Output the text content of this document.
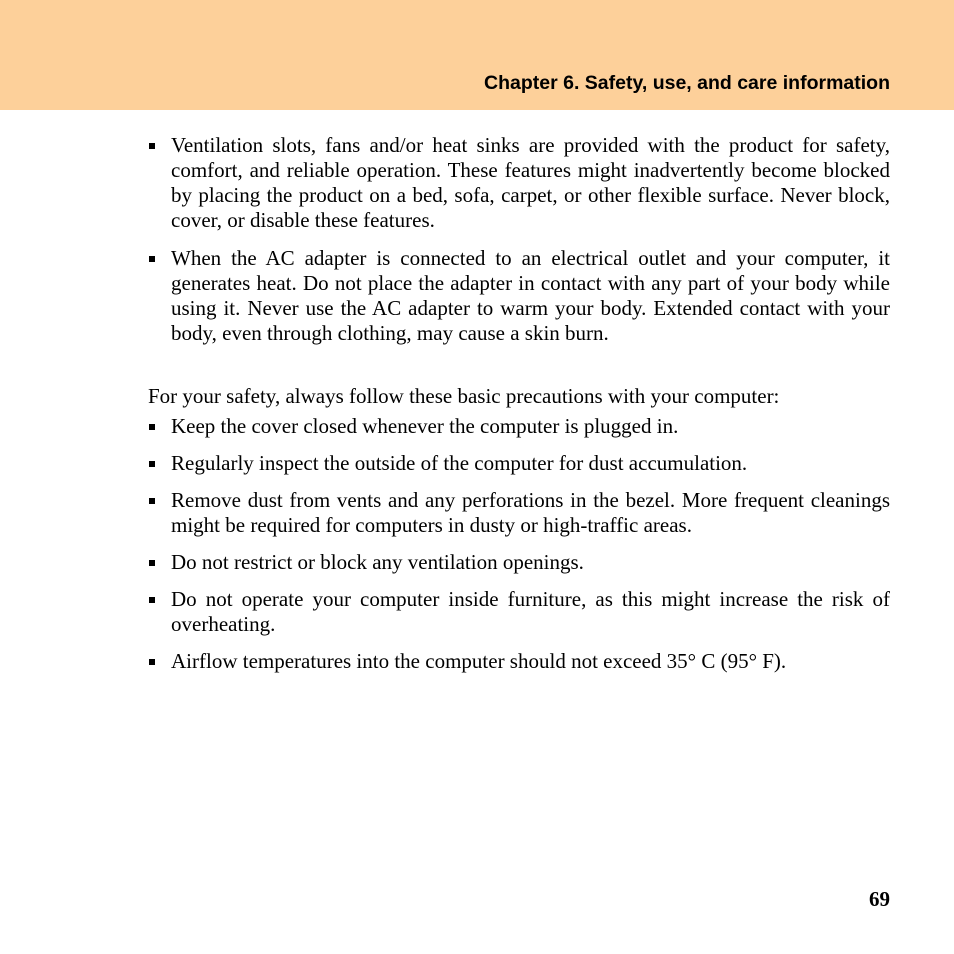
Chapter 6. Safety, use, and care information
Ventilation slots, fans and/or heat sinks are provided with the product for safety, comfort, and reliable operation. These features might inadvertently become blocked by placing the product on a bed, sofa, carpet, or other flexible surface. Never block, cover, or disable these features.
When the AC adapter is connected to an electrical outlet and your computer, it generates heat. Do not place the adapter in contact with any part of your body while using it. Never use the AC adapter to warm your body. Extended contact with your body, even through clothing, may cause a skin burn.

For your safety, always follow these basic precautions with your computer:

Keep the cover closed whenever the computer is plugged in.
Regularly inspect the outside of the computer for dust accumulation.
Remove dust from vents and any perforations in the bezel. More frequent cleanings might be required for computers in dusty or high-traffic areas.
Do not restrict or block any ventilation openings.
Do not operate your computer inside furniture, as this might increase the risk of overheating.
Airflow temperatures into the computer should not exceed 35° C (95° F).
69
